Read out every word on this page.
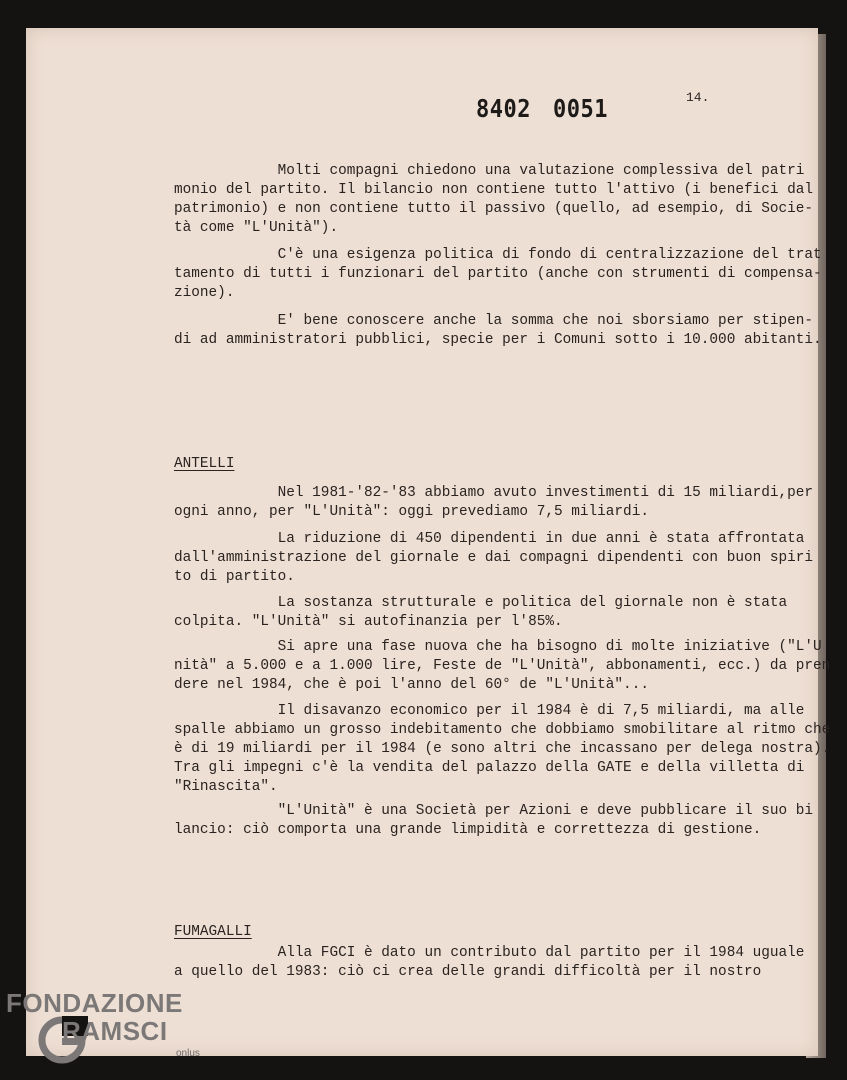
14.
8402 0051
Molti compagni chiedono una valutazione complessiva del patri
monio del partito. Il bilancio non contiene tutto l'attivo (i benefici dal
patrimonio) e non contiene tutto il passivo (quello, ad esempio, di Socie-
tà come "L'Unità").
C'è una esigenza politica di fondo di centralizzazione del trat
tamento di tutti i funzionari del partito (anche con strumenti di compensa-
zione).
E' bene conoscere anche la somma che noi sborsiamo per stipen-
di ad amministratori pubblici, specie per i Comuni sotto i 10.000 abitanti.
ANTELLI
Nel 1981-'82-'83 abbiamo avuto investimenti di 15 miliardi,per
ogni anno, per "L'Unità": oggi prevediamo 7,5 miliardi.
La riduzione di 450 dipendenti in due anni è stata affrontata
dall'amministrazione del giornale e dai compagni dipendenti con buon spiri
to di partito.
La sostanza strutturale e politica del giornale non è stata
colpita. "L'Unità" si autofinanzia per l'85%.
Si apre una fase nuova che ha bisogno di molte iniziative ("L'U
nità" a 5.000 e a 1.000 lire, Feste de "L'Unità", abbonamenti, ecc.) da pren
dere nel 1984, che è poi l'anno del 60° de "L'Unità"...
Il disavanzo economico per il 1984 è di 7,5 miliardi, ma alle
spalle abbiamo un grosso indebitamento che dobbiamo smobilitare al ritmo che
è di 19 miliardi per il 1984 (e sono altri che incassano per delega nostra).
Tra gli impegni c'è la vendita del palazzo della GATE e della villetta di
"Rinascita".
"L'Unità" è una Società per Azioni e deve pubblicare il suo bi
lancio: ciò comporta una grande limpidità e correttezza di gestione.
FUMAGALLI
Alla FGCI è dato un contributo dal partito per il 1984 uguale
a quello del 1983: ciò ci crea delle grandi difficoltà per il nostro
FONDAZIONE
RAMSCI
onlus
